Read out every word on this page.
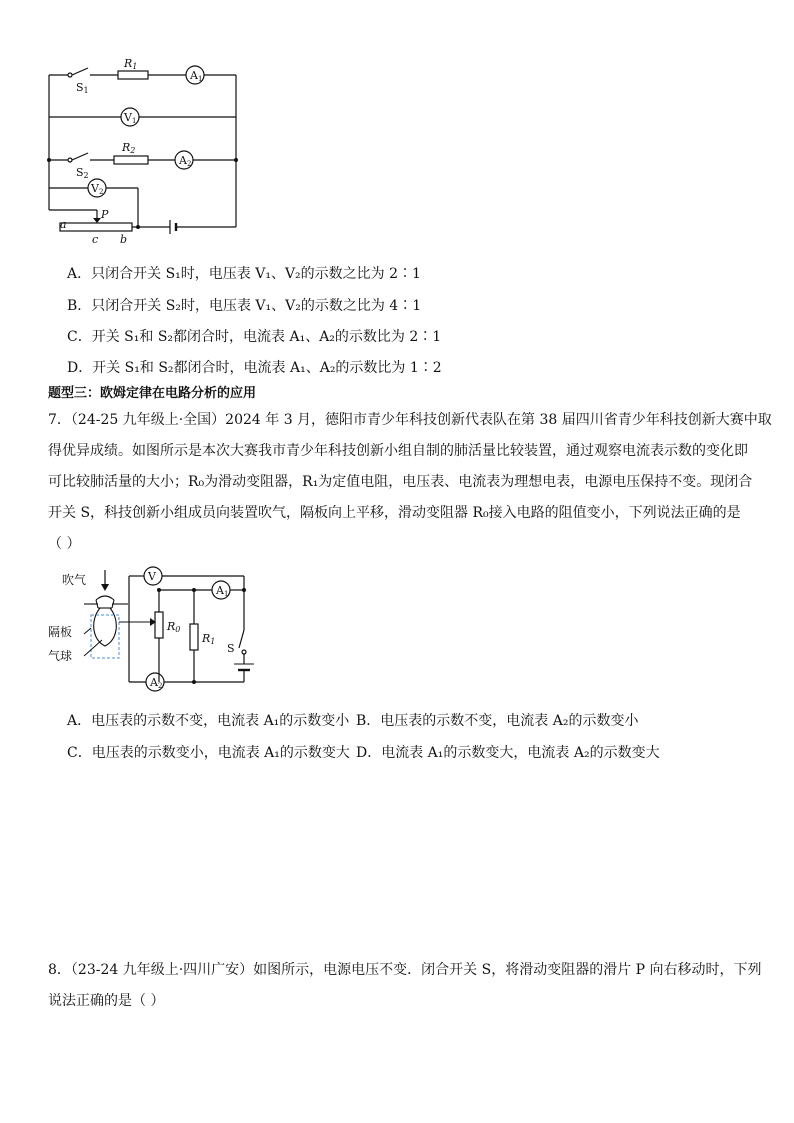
R1
A1
V1
R2
A2
V2
S1
S2
P
a
b
c
A．只闭合开关 S₁时，电压表 V₁、V₂的示数之比为 2∶1
B．只闭合开关 S₂时，电压表 V₁、V₂的示数之比为 4∶1
C．开关 S₁和 S₂都闭合时，电流表 A₁、A₂的示数比为 2∶1
D．开关 S₁和 S₂都闭合时，电流表 A₁、A₂的示数比为 1∶2
题型三：欧姆定律在电路分析的应用
7．（24-25 九年级上·全国）2024 年 3 月，德阳市青少年科技创新代表队在第 38 届四川省青少年科技创新大赛中取
得优异成绩。如图所示是本次大赛我市青少年科技创新小组自制的肺活量比较装置，通过观察电流表示数的变化即
可比较肺活量的大小；R₀为滑动变阻器，R₁为定值电阻，电压表、电流表为理想电表，电源电压保持不变。现闭合
开关 S，科技创新小组成员向装置吹气，隔板向上平移，滑动变阻器 R₀接入电路的阻值变小，下列说法正确的是
（ ）
吹气
隔板
气球
V
A1
A2
R0
R1
S
A．电压表的示数不变，电流表 A₁的示数变小 B．电压表的示数不变，电流表 A₂的示数变小
C．电压表的示数变小，电流表 A₁的示数变大 D．电流表 A₁的示数变大，电流表 A₂的示数变大
8．（23-24 九年级上·四川广安）如图所示，电源电压不变．闭合开关 S，将滑动变阻器的滑片 P 向右移动时，下列
说法正确的是（ ）
